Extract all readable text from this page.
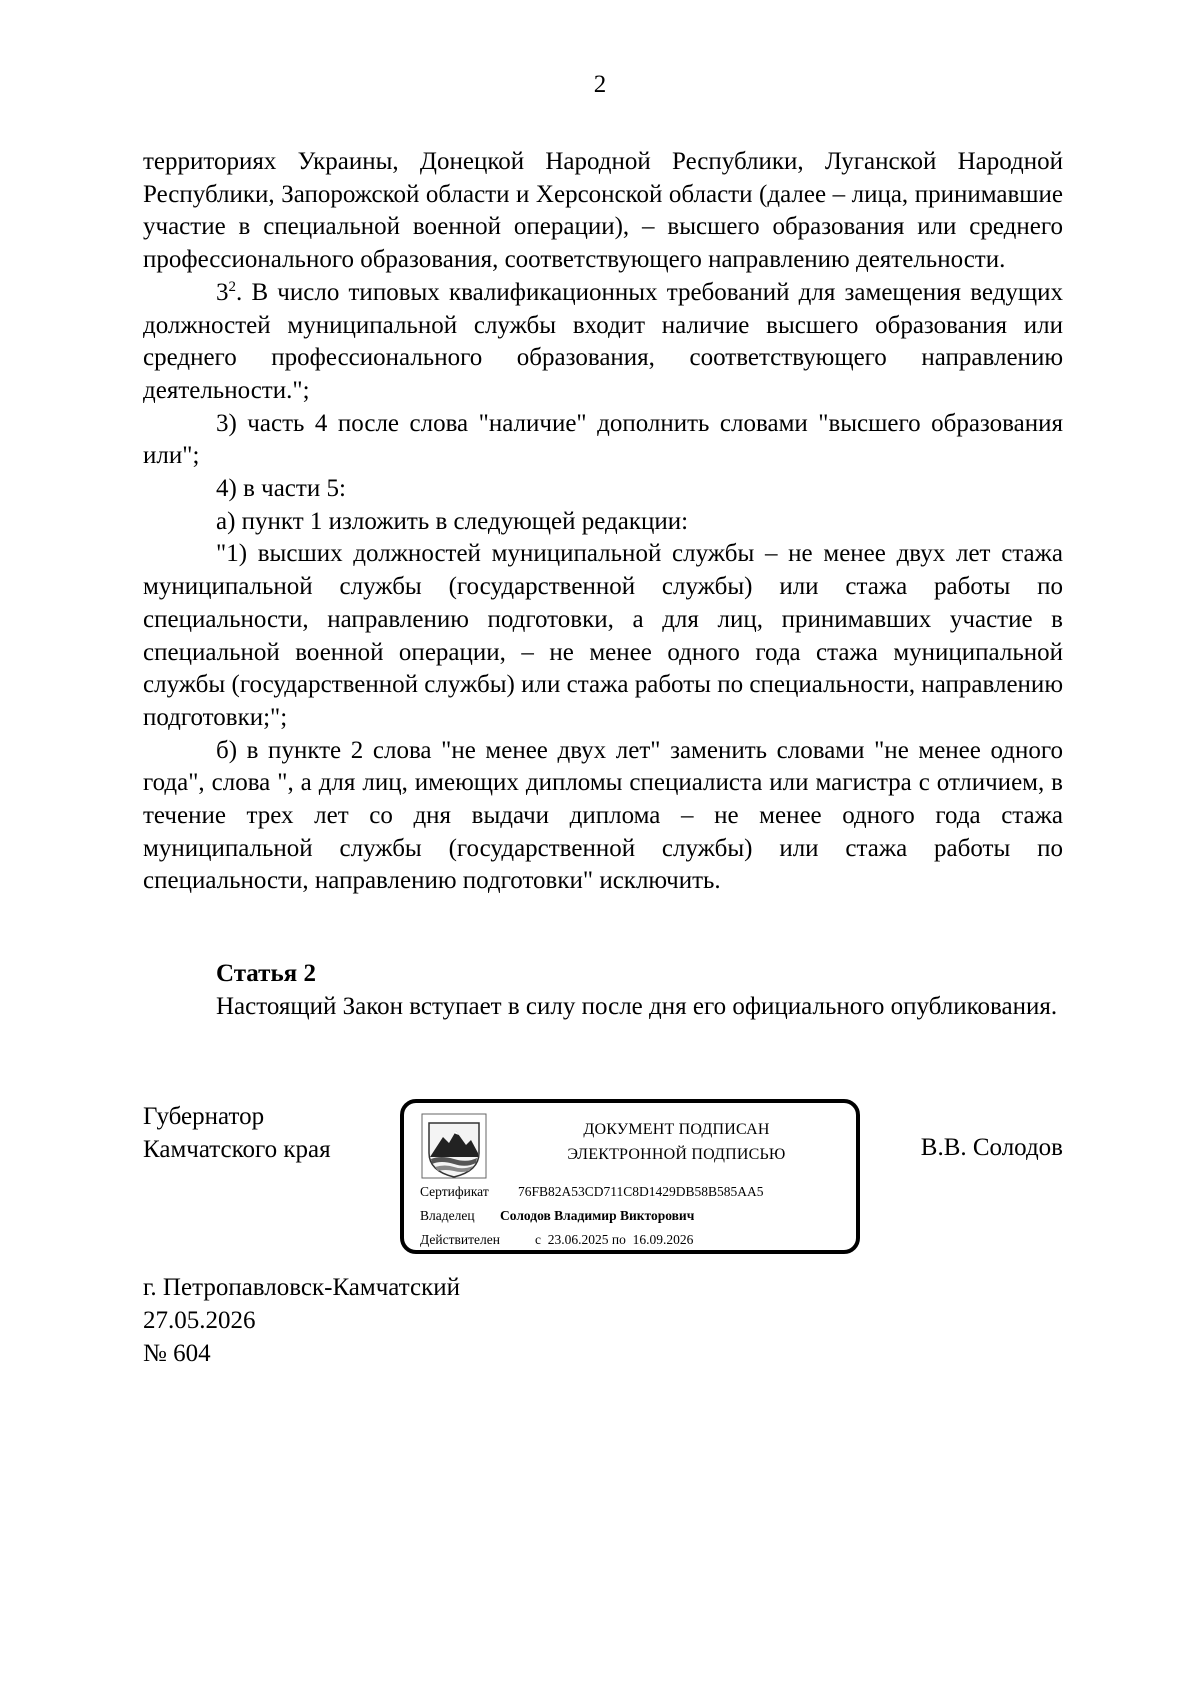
2

территориях Украины, Донецкой Народной Республики, Луганской Народной Республики, Запорожской области и Херсонской области (далее – лица, принимавшие участие в специальной военной операции), – высшего образования или среднего профессионального образования, соответствующего направлению деятельности.

$3^2$. В число типовых квалификационных требований для замещения ведущих должностей муниципальной службы входит наличие высшего образования или среднего профессионального образования, соответствующего направлению деятельности.";

3) часть 4 после слова "наличие" дополнить словами "высшего образования или";

4) в части 5:

а) пункт 1 изложить в следующей редакции:

"1) высших должностей муниципальной службы – не менее двух лет стажа муниципальной службы (государственной службы) или стажа работы по специальности, направлению подготовки, а для лиц, принимавших участие в специальной военной операции, – не менее одного года стажа муниципальной службы (государственной службы) или стажа работы по специальности, направлению подготовки;";

б) в пункте 2 слова "не менее двух лет" заменить словами "не менее одного года", слова ", а для лиц, имеющих дипломы специалиста или магистра с отличием, в течение трех лет со дня выдачи диплома – не менее одного года стажа муниципальной службы (государственной службы) или стажа работы по специальности, направлению подготовки" исключить.

Статья 2

Настоящий Закон вступает в силу после дня его официального опубликования.

Губернатор
Камчатского края
ДОКУМЕНТ ПОДПИСАН
ЭЛЕКТРОННОЙ ПОДПИСЬЮ
Сертификат 76FB82A53CD711C8D1429DB58B585AA5
Владелец Солодов Владимир Викторович
Действителен	с  23.06.2025 по  16.09.2026
В.В. Солодов
г. Петропавловск-Камчатский
27.05.2026
№ 604
